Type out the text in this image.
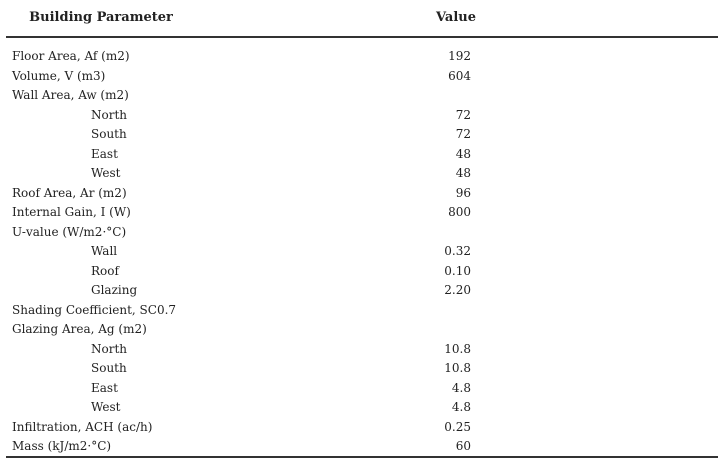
Building Parameter	Value
Floor Area, Af (m2)	192
Volume, V (m3)	604
Wall Area, Aw (m2)
North	72
South	72
East	48
West	48
Roof Area, Ar (m2)	96
Internal Gain, I (W)	800
U-value (W/m2·°C)
Wall	0.32
Roof	0.10
Glazing	2.20
Shading Coefficient, SC0.7
Glazing Area, Ag (m2)
North	10.8
South	10.8
East	4.8
West	4.8
Infiltration, ACH (ac/h)	0.25
Mass (kJ/m2·°C)	60
